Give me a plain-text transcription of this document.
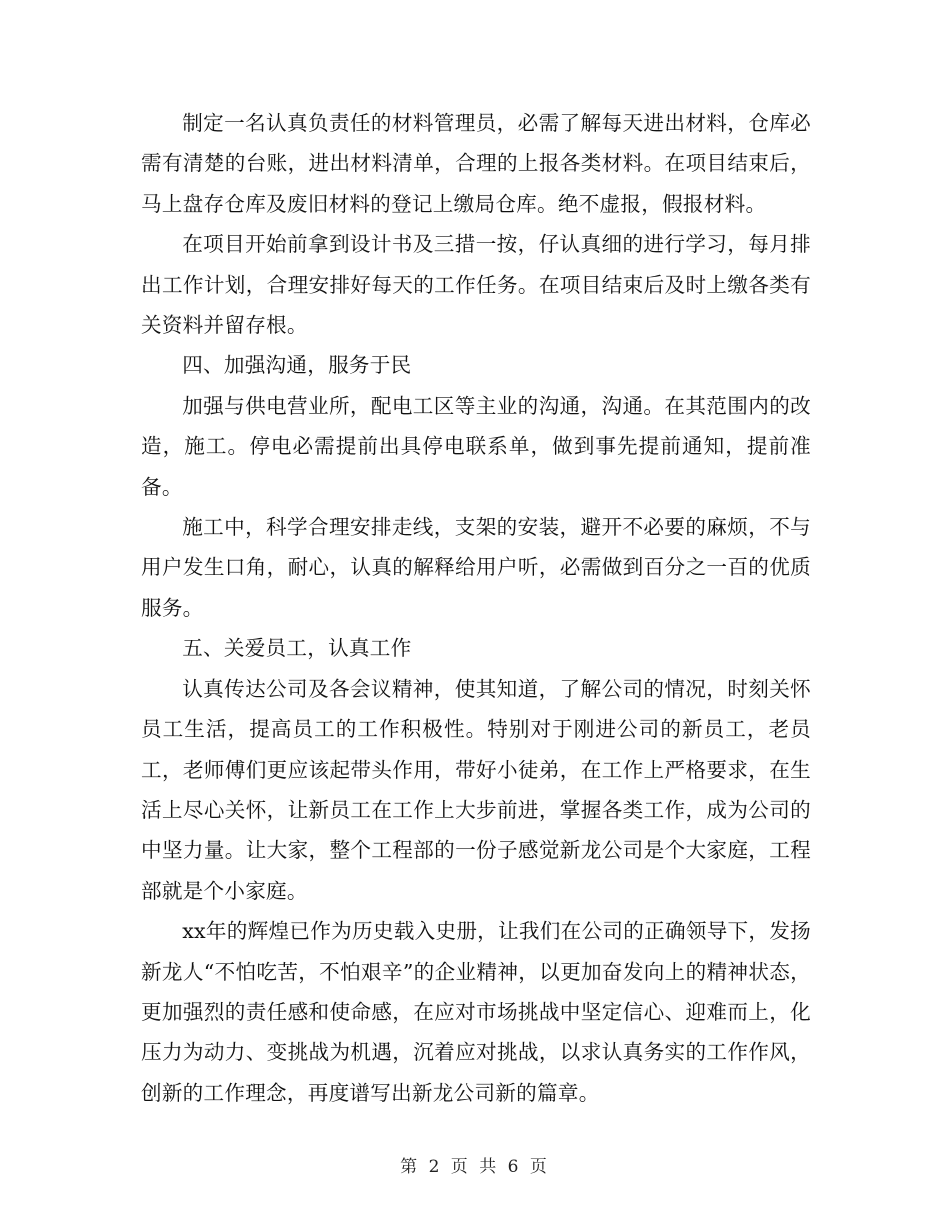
制定一名认真负责任的材料管理员，必需了解每天进出材料，仓库必需有清楚的台账，进出材料清单，合理的上报各类材料。在项目结束后，马上盘存仓库及废旧材料的登记上缴局仓库。绝不虚报，假报材料。

在项目开始前拿到设计书及三措一按，仔认真细的进行学习，每月排出工作计划，合理安排好每天的工作任务。在项目结束后及时上缴各类有关资料并留存根。

四、加强沟通，服务于民

加强与供电营业所，配电工区等主业的沟通，沟通。在其范围内的改造，施工。停电必需提前出具停电联系单，做到事先提前通知，提前准备。

施工中，科学合理安排走线，支架的安装，避开不必要的麻烦，不与用户发生口角，耐心，认真的解释给用户听，必需做到百分之一百的优质服务。

五、关爱员工，认真工作

认真传达公司及各会议精神，使其知道，了解公司的情况，时刻关怀员工生活，提高员工的工作积极性。特别对于刚进公司的新员工，老员工，老师傅们更应该起带头作用，带好小徒弟，在工作上严格要求，在生活上尽心关怀，让新员工在工作上大步前进，掌握各类工作，成为公司的中坚力量。让大家，整个工程部的一份子感觉新龙公司是个大家庭，工程部就是个小家庭。

xx年的辉煌已作为历史载入史册，让我们在公司的正确领导下，发扬新龙人“不怕吃苦，不怕艰辛”的企业精神，以更加奋发向上的精神状态，更加强烈的责任感和使命感，在应对市场挑战中坚定信心、迎难而上，化压力为动力、变挑战为机遇，沉着应对挑战，以求认真务实的工作作风，创新的工作理念，再度谱写出新龙公司新的篇章。

第 2 页 共 6 页
